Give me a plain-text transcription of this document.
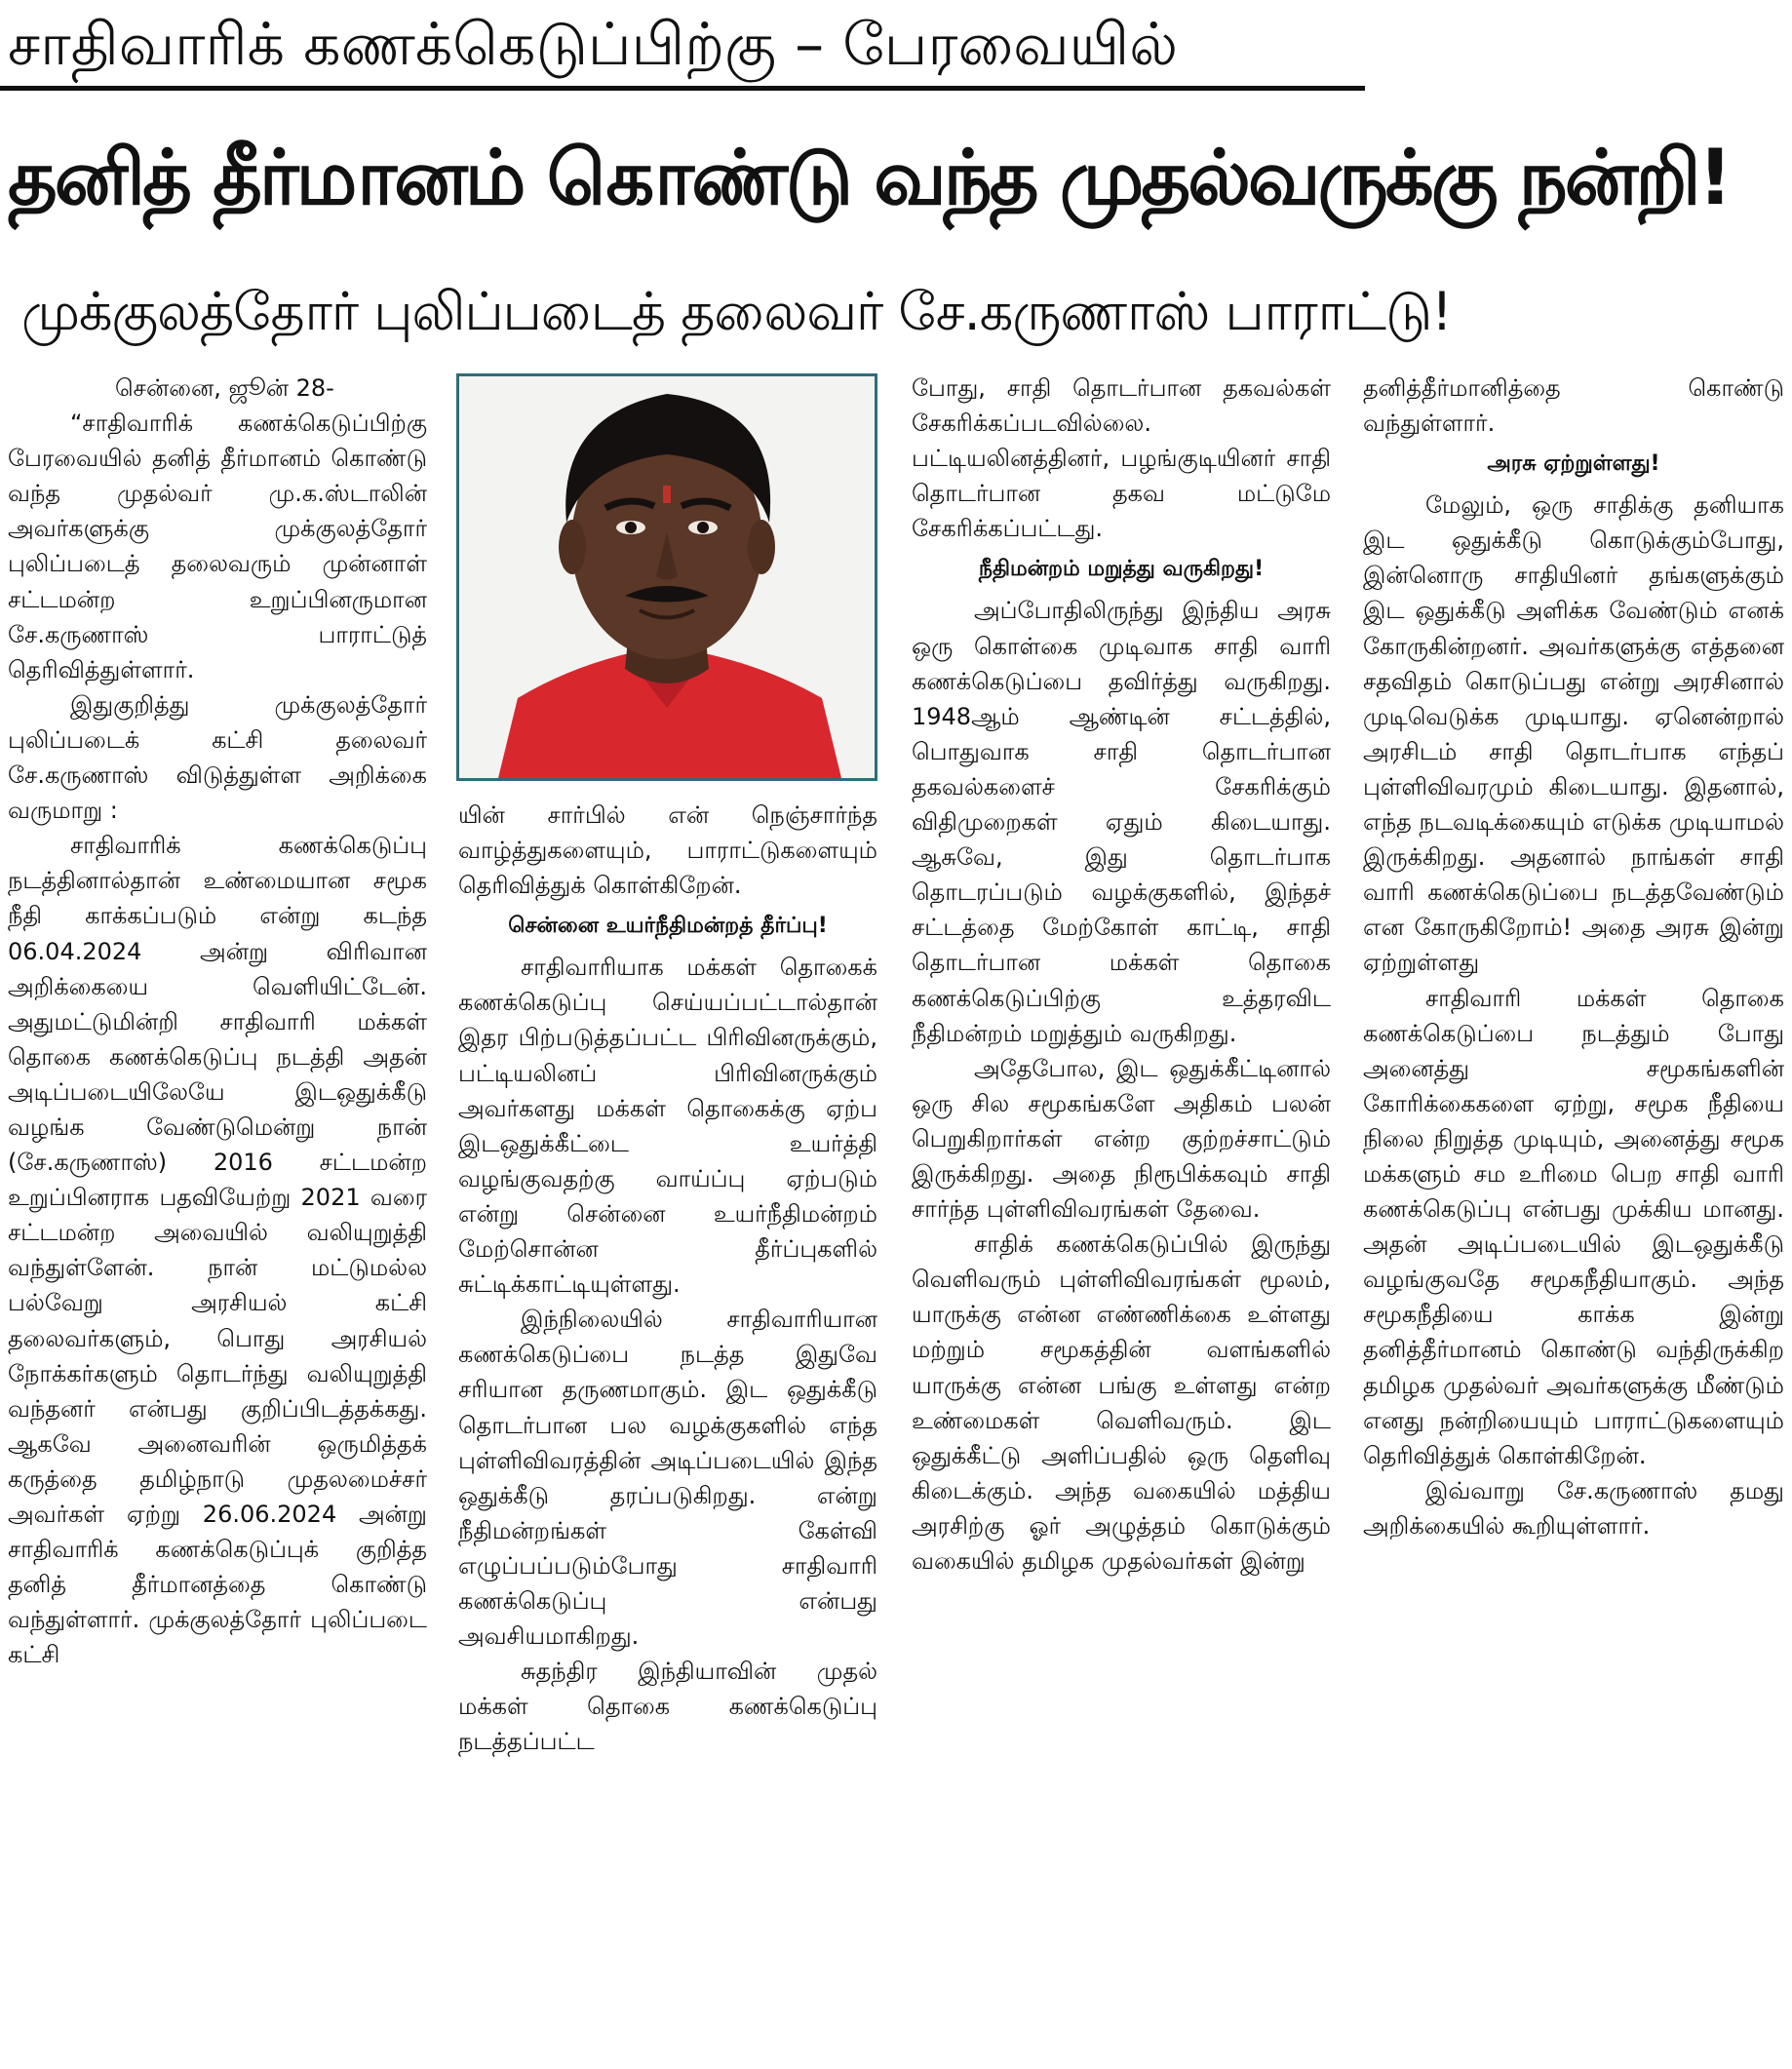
சாதிவாரிக் கணக்கெடுப்பிற்கு – பேரவையில்
தனித் தீர்மானம் கொண்டு வந்த முதல்வருக்கு நன்றி!
முக்குலத்தோர் புலிப்படைத் தலைவர் சே.கருணாஸ் பாராட்டு!

சென்னை, ஜூன் 28-

“சாதிவாரிக் கணக்கெடுப்பிற்கு பேரவையில் தனித் தீர்மானம் கொண்டு வந்த முதல்வர் மு.க.ஸ்டாலின் அவர்களுக்கு முக்குலத்தோர் புலிப்படைத் தலைவரும் முன்னாள் சட்டமன்ற உறுப்பினருமான சே.கருணாஸ் பாராட்டுத் தெரிவித்துள்ளார்.

இதுகுறித்து முக்குலத்தோர் புலிப்படைக் கட்சி தலைவர் சே.கருணாஸ் விடுத்துள்ள அறிக்கை வருமாறு :

சாதிவாரிக் கணக்கெடுப்பு நடத்தினால்தான் உண்மையான சமூக நீதி காக்கப்படும் என்று கடந்த 06.04.2024 அன்று விரிவான அறிக்கையை வெளியிட்டேன். அதுமட்டுமின்றி சாதிவாரி மக்கள் தொகை கணக்கெடுப்பு நடத்தி அதன் அடிப்படையிலேயே இடஒதுக்கீடு வழங்க வேண்டுமென்று நான் (சே.கருணாஸ்) 2016 சட்டமன்ற உறுப்பினராக பதவியேற்று 2021 வரை சட்டமன்ற அவையில் வலியுறுத்தி வந்துள்ளேன். நான் மட்டுமல்ல பல்வேறு அரசியல் கட்சி தலைவர்களும், பொது அரசியல் நோக்கர்களும் தொடர்ந்து வலியுறுத்தி வந்தனர் என்பது குறிப்பிடத்தக்கது. ஆகவே அனைவரின் ஒருமித்தக் கருத்தை தமிழ்நாடு முதலமைச்சர் அவர்கள் ஏற்று 26.06.2024 அன்று சாதிவாரிக் கணக்கெடுப்புக் குறித்த தனித் தீர்மானத்தை கொண்டு வந்துள்ளார். முக்குலத்தோர் புலிப்படை கட்சி

யின் சார்பில் என் நெஞ்சார்ந்த வாழ்த்துகளையும், பாராட்டுகளையும் தெரிவித்துக் கொள்கிறேன்.

சென்னை உயர்நீதிமன்றத் தீர்ப்பு!

சாதிவாரியாக மக்கள் தொகைக் கணக்கெடுப்பு செய்யப்பட்டால்தான் இதர பிற்படுத்தப்பட்ட பிரிவினருக்கும், பட்டியலினப் பிரிவினருக்கும் அவர்களது மக்கள் தொகைக்கு ஏற்ப இடஒதுக்கீட்டை உயர்த்தி வழங்குவதற்கு வாய்ப்பு ஏற்படும் என்று சென்னை உயர்நீதிமன்றம் மேற்சொன்ன தீர்ப்புகளில் சுட்டிக்காட்டியுள்ளது.

இந்நிலையில் சாதிவாரியான கணக்கெடுப்பை நடத்த இதுவே சரியான தருணமாகும். இட ஒதுக்கீடு தொடர்பான பல வழக்குகளில் எந்த புள்ளிவிவரத்தின் அடிப்படையில் இந்த ஒதுக்கீடு தரப்படுகிறது. என்று நீதிமன்றங்கள் கேள்வி எழுப்பப்படும்போது சாதிவாரி கணக்கெடுப்பு என்பது அவசியமாகிறது.

சுதந்திர இந்தியாவின் முதல் மக்கள் தொகை கணக்கெடுப்பு நடத்தப்பட்ட

போது, சாதி தொடர்பான தகவல்கள் சேகரிக்கப்படவில்லை. பட்டியலினத்தினர், பழங்குடியினர் சாதி தொடர்பான தகவ மட்டுமே சேகரிக்கப்பட்டது.

நீதிமன்றம் மறுத்து வருகிறது!

அப்போதிலிருந்து இந்திய அரசு ஒரு கொள்கை முடிவாக சாதி வாரி கணக்கெடுப்பை தவிர்த்து வருகிறது. 1948ஆம் ஆண்டின் சட்டத்தில், பொதுவாக சாதி தொடர்பான தகவல்களைச் சேகரிக்கும் விதிமுறைகள் ஏதும் கிடையாது. ஆசுவே, இது தொடர்பாக தொடரப்படும் வழக்குகளில், இந்தச் சட்டத்தை மேற்கோள் காட்டி, சாதி தொடர்பான மக்கள் தொகை கணக்கெடுப்பிற்கு உத்தரவிட நீதிமன்றம் மறுத்தும் வருகிறது.

அதேபோல, இட ஒதுக்கீட்டினால் ஒரு சில சமூகங்களே அதிகம் பலன் பெறுகிறார்கள் என்ற குற்றச்சாட்டும் இருக்கிறது. அதை நிரூபிக்கவும் சாதி சார்ந்த புள்ளிவிவரங்கள் தேவை.

சாதிக் கணக்கெடுப்பில் இருந்து வெளிவரும் புள்ளிவிவரங்கள் மூலம், யாருக்கு என்ன எண்ணிக்கை உள்ளது மற்றும் சமூகத்தின் வளங்களில் யாருக்கு என்ன பங்கு உள்ளது என்ற உண்மைகள் வெளிவரும். இட ஒதுக்கீட்டு அளிப்பதில் ஒரு தெளிவு கிடைக்கும். அந்த வகையில் மத்திய அரசிற்கு ஓர் அழுத்தம் கொடுக்கும் வகையில் தமிழக முதல்வர்கள் இன்று

தனித்தீர்மானித்தை கொண்டு வந்துள்ளார்.

அரசு ஏற்றுள்ளது!

மேலும், ஒரு சாதிக்கு தனியாக இட ஒதுக்கீடு கொடுக்கும்போது, இன்னொரு சாதியினர் தங்களுக்கும் இட ஒதுக்கீடு அளிக்க வேண்டும் எனக் கோருகின்றனர். அவர்களுக்கு எத்தனை சதவிதம் கொடுப்பது என்று அரசினால் முடிவெடுக்க முடியாது. ஏனென்றால் அரசிடம் சாதி தொடர்பாக எந்தப் புள்ளிவிவரமும் கிடையாது. இதனால், எந்த நடவடிக்கையும் எடுக்க முடியாமல் இருக்கிறது. அதனால் நாங்கள் சாதி வாரி கணக்கெடுப்பை நடத்தவேண்டும் என கோருகிறோம்! அதை அரசு இன்று ஏற்றுள்ளது

சாதிவாரி மக்கள் தொகை கணக்கெடுப்பை நடத்தும் போது அனைத்து சமூகங்களின் கோரிக்கைகளை ஏற்று, சமூக நீதியை நிலை நிறுத்த முடியும், அனைத்து சமூக மக்களும் சம உரிமை பெற சாதி வாரி கணக்கெடுப்பு என்பது முக்கிய மானது. அதன் அடிப்படையில் இடஒதுக்கீடு வழங்குவதே சமூகநீதியாகும். அந்த சமூகநீதியை காக்க இன்று தனித்தீர்மானம் கொண்டு வந்திருக்கிற தமிழக முதல்வர் அவர்களுக்கு மீண்டும் எனது நன்றியையும் பாராட்டுகளையும் தெரிவித்துக் கொள்கிறேன்.

இவ்வாறு சே.கருணாஸ் தமது அறிக்கையில் கூறியுள்ளார்.
